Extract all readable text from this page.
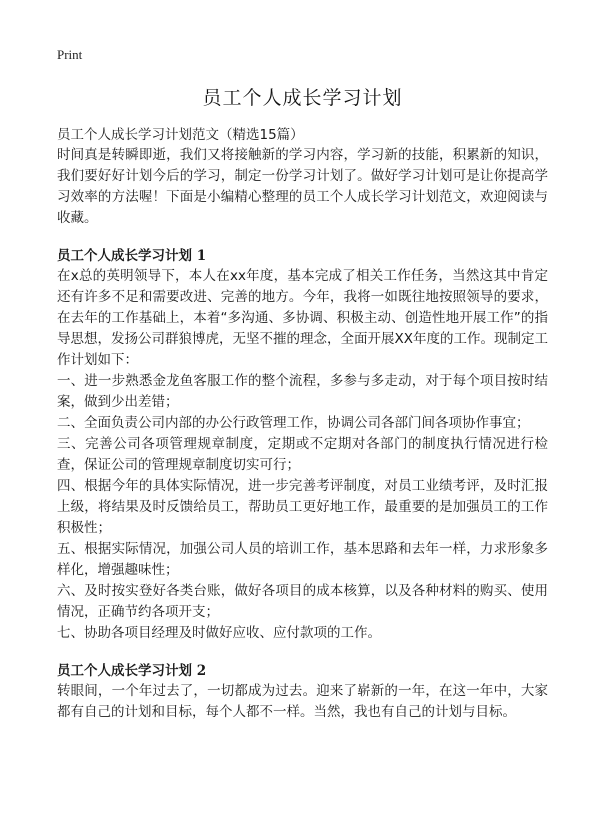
Print
员工个人成长学习计划
员工个人成长学习计划范文（精选15篇）

时间真是转瞬即逝，我们又将接触新的学习内容，学习新的技能，积累新的知识，我们要好好计划今后的学习，制定一份学习计划了。做好学习计划可是让你提高学习效率的方法喔！下面是小编精心整理的员工个人成长学习计划范文，欢迎阅读与收藏。

员工个人成长学习计划 1

在x总的英明领导下，本人在xx年度，基本完成了相关工作任务，当然这其中肯定还有许多不足和需要改进、完善的地方。今年，我将一如既往地按照领导的要求，在去年的工作基础上，本着“多沟通、多协调、积极主动、创造性地开展工作”的指导思想，发扬公司群狼博虎，无坚不摧的理念，全面开展XX年度的工作。现制定工作计划如下：

一、进一步熟悉金龙鱼客服工作的整个流程，多参与多走动，对于每个项目按时结案，做到少出差错；

二、全面负责公司内部的办公行政管理工作，协调公司各部门间各项协作事宜；

三、完善公司各项管理规章制度，定期或不定期对各部门的制度执行情况进行检查，保证公司的管理规章制度切实可行；

四、根据今年的具体实际情况，进一步完善考评制度，对员工业绩考评，及时汇报上级，将结果及时反馈给员工，帮助员工更好地工作，最重要的是加强员工的工作积极性；

五、根据实际情况，加强公司人员的培训工作，基本思路和去年一样，力求形象多样化，增强趣味性；

六、及时按实登好各类台账，做好各项目的成本核算，以及各种材料的购买、使用情况，正确节约各项开支；

七、协助各项目经理及时做好应收、应付款项的工作。

员工个人成长学习计划 2

转眼间，一个年过去了，一切都成为过去。迎来了崭新的一年，在这一年中，大家都有自己的计划和目标，每个人都不一样。当然，我也有自己的计划与目标。
